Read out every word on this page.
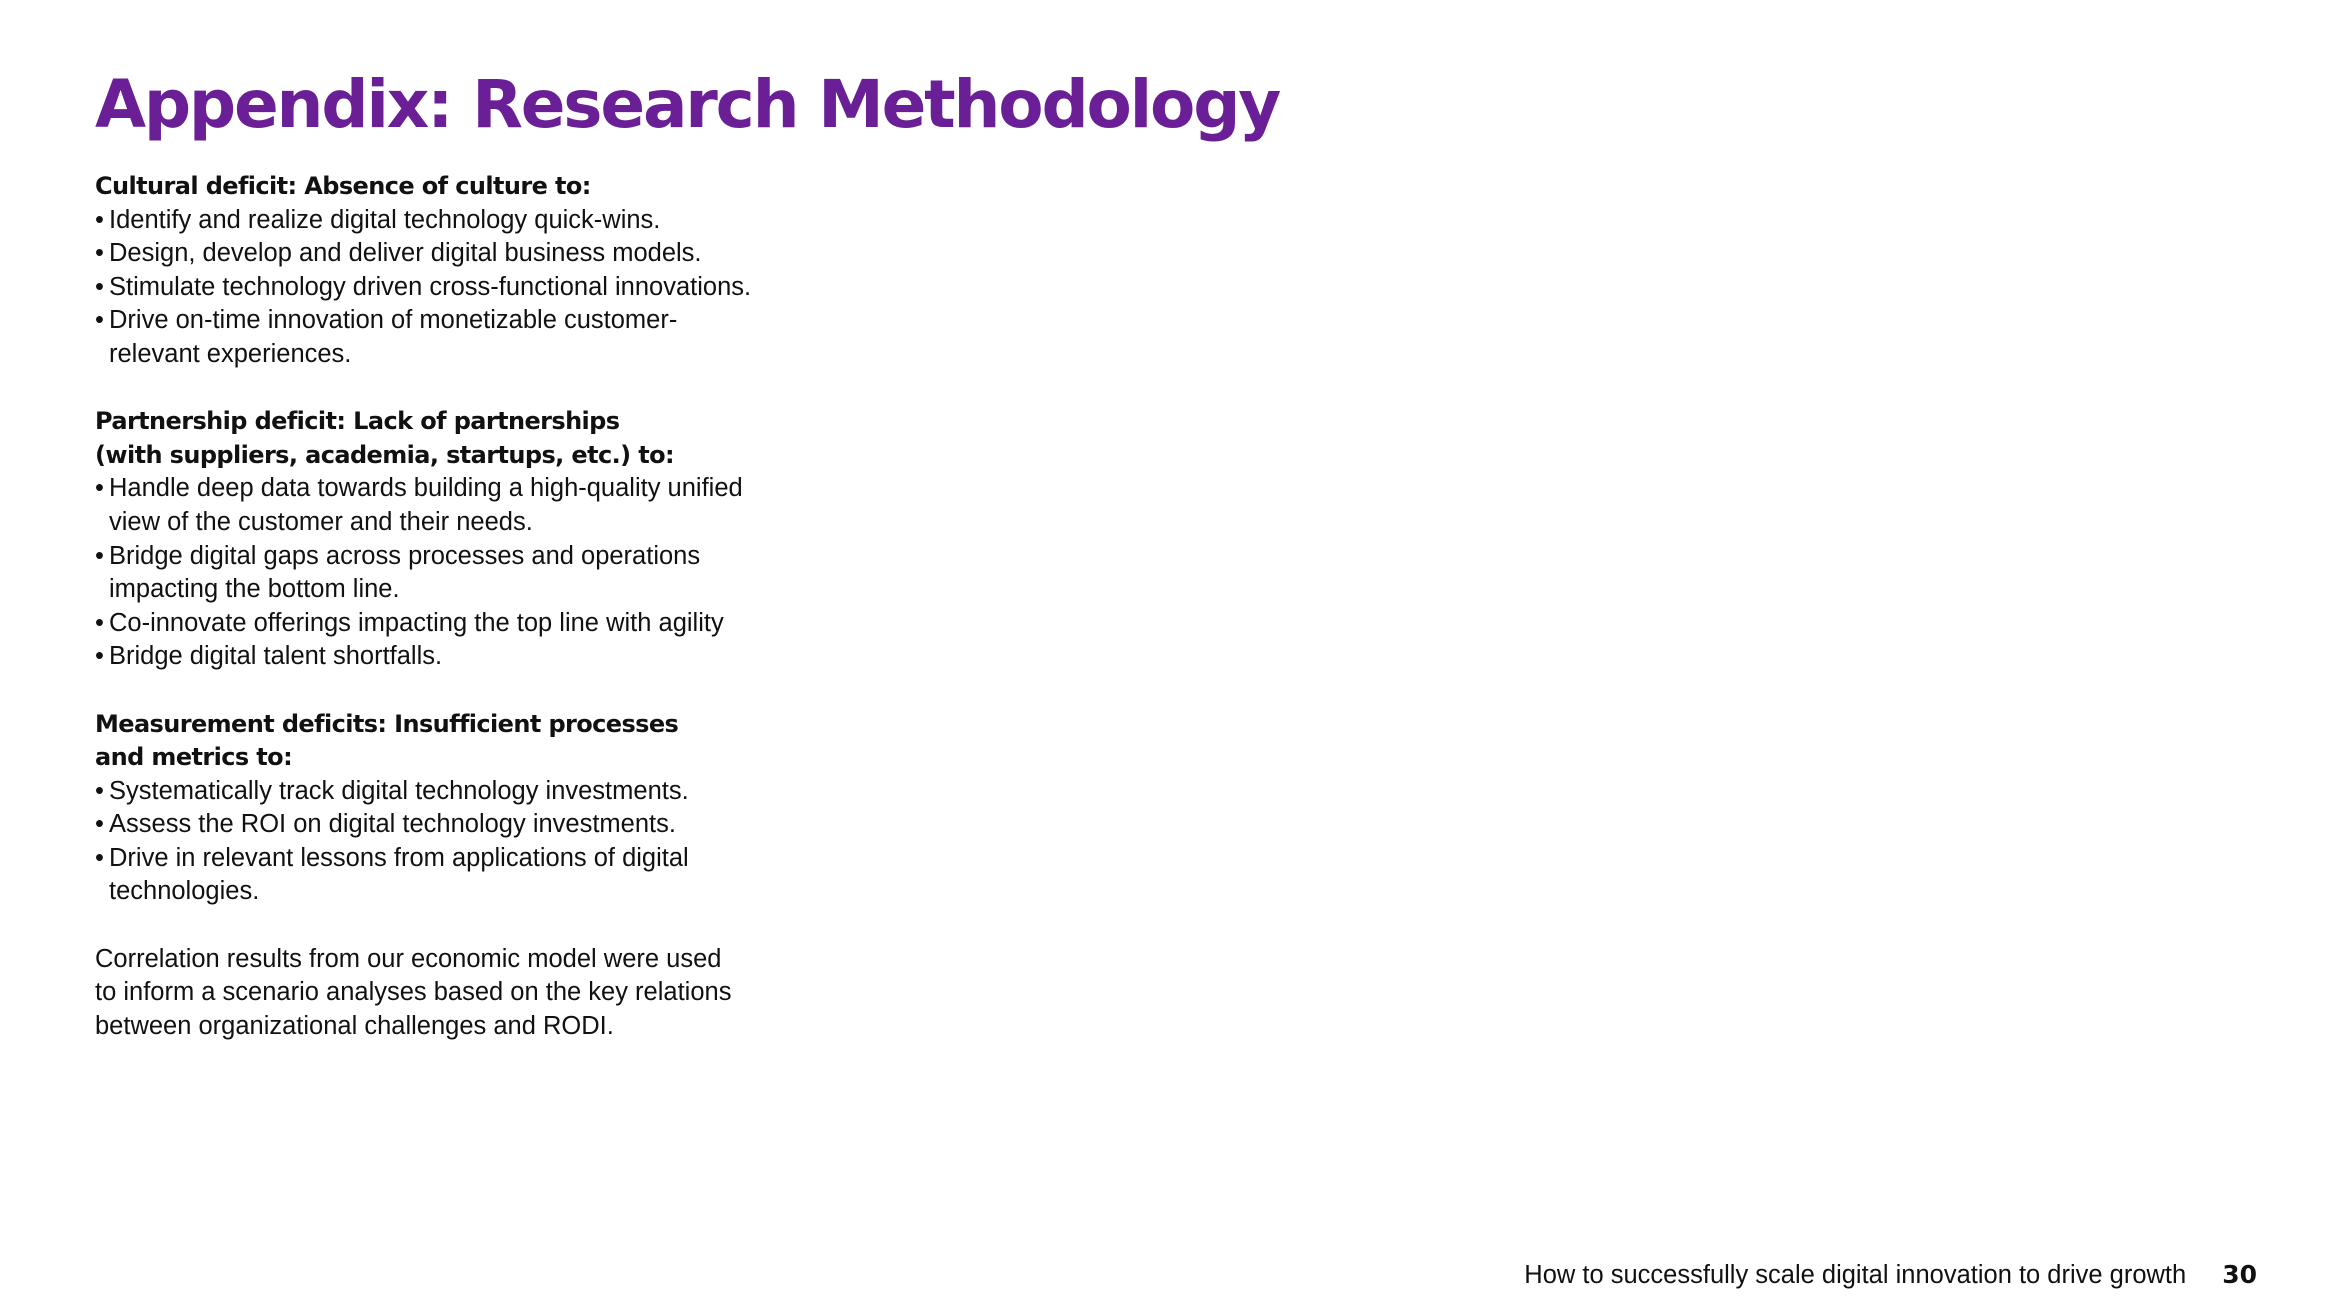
Appendix: Research Methodology

Cultural deficit: Absence of culture to:

• Identify and realize digital technology quick-wins.
• Design, develop and deliver digital business models.
• Stimulate technology driven cross-functional innovations.
• Drive on-time innovation of monetizable customer-
relevant experiences.

Partnership deficit: Lack of partnerships
(with suppliers, academia, startups, etc.) to:

• Handle deep data towards building a high-quality unified
view of the customer and their needs.
• Bridge digital gaps across processes and operations
impacting the bottom line.
• Co-innovate offerings impacting the top line with agility
• Bridge digital talent shortfalls.

Measurement deficits: Insufficient processes
and metrics to:

• Systematically track digital technology investments.
• Assess the ROI on digital technology investments.
• Drive in relevant lessons from applications of digital
technologies.

Correlation results from our economic model were used
to inform a scenario analyses based on the key relations
between organizational challenges and RODI.

How to successfully scale digital innovation to drive growth 30
